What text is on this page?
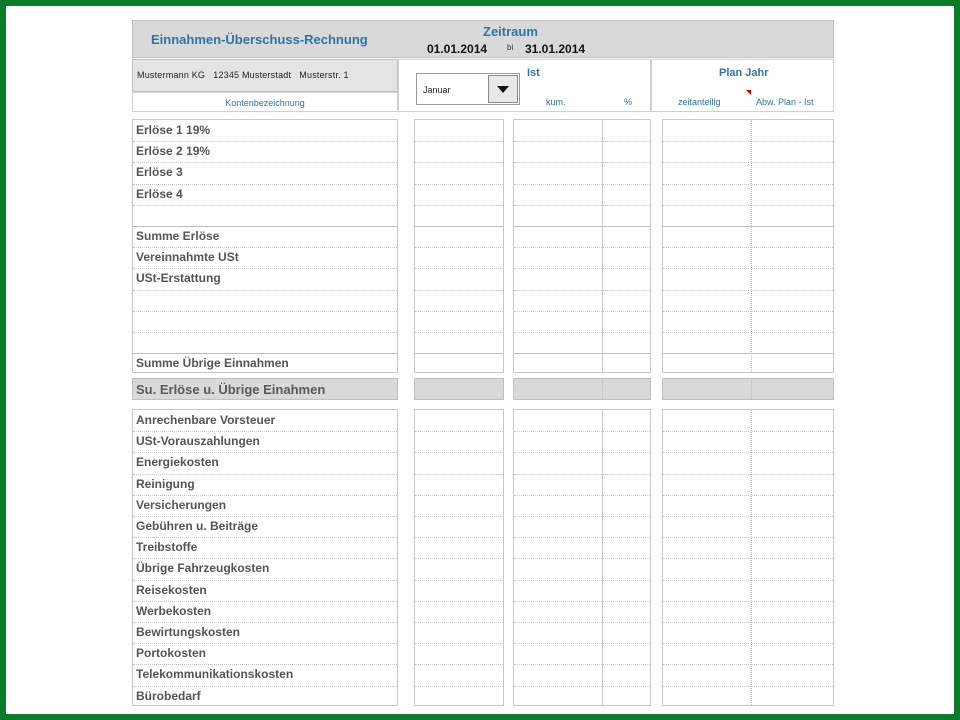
Einnahmen-Überschuss-Rechnung
Zeitraum
01.01.2014 bi 31.01.2014
Mustermann KG 12345 Musterstadt Musterstr. 1
Kontenbezeichnung
Januar
Ist
kum.	%
Plan Jahr
zeitanteilig	Abw. Plan - Ist
Erlöse 1 19%
Erlöse 2 19%
Erlöse 3
Erlöse 4
Summe Erlöse
Vereinnahmte USt
USt-Erstattung
Summe Übrige Einnahmen
Su. Erlöse u. Übrige Einahmen
Anrechenbare Vorsteuer
USt-Vorauszahlungen
Energiekosten
Reinigung
Versicherungen
Gebühren u. Beiträge
Treibstoffe
Übrige Fahrzeugkosten
Reisekosten
Werbekosten
Bewirtungskosten
Portokosten
Telekommunikationskosten
Bürobedarf
